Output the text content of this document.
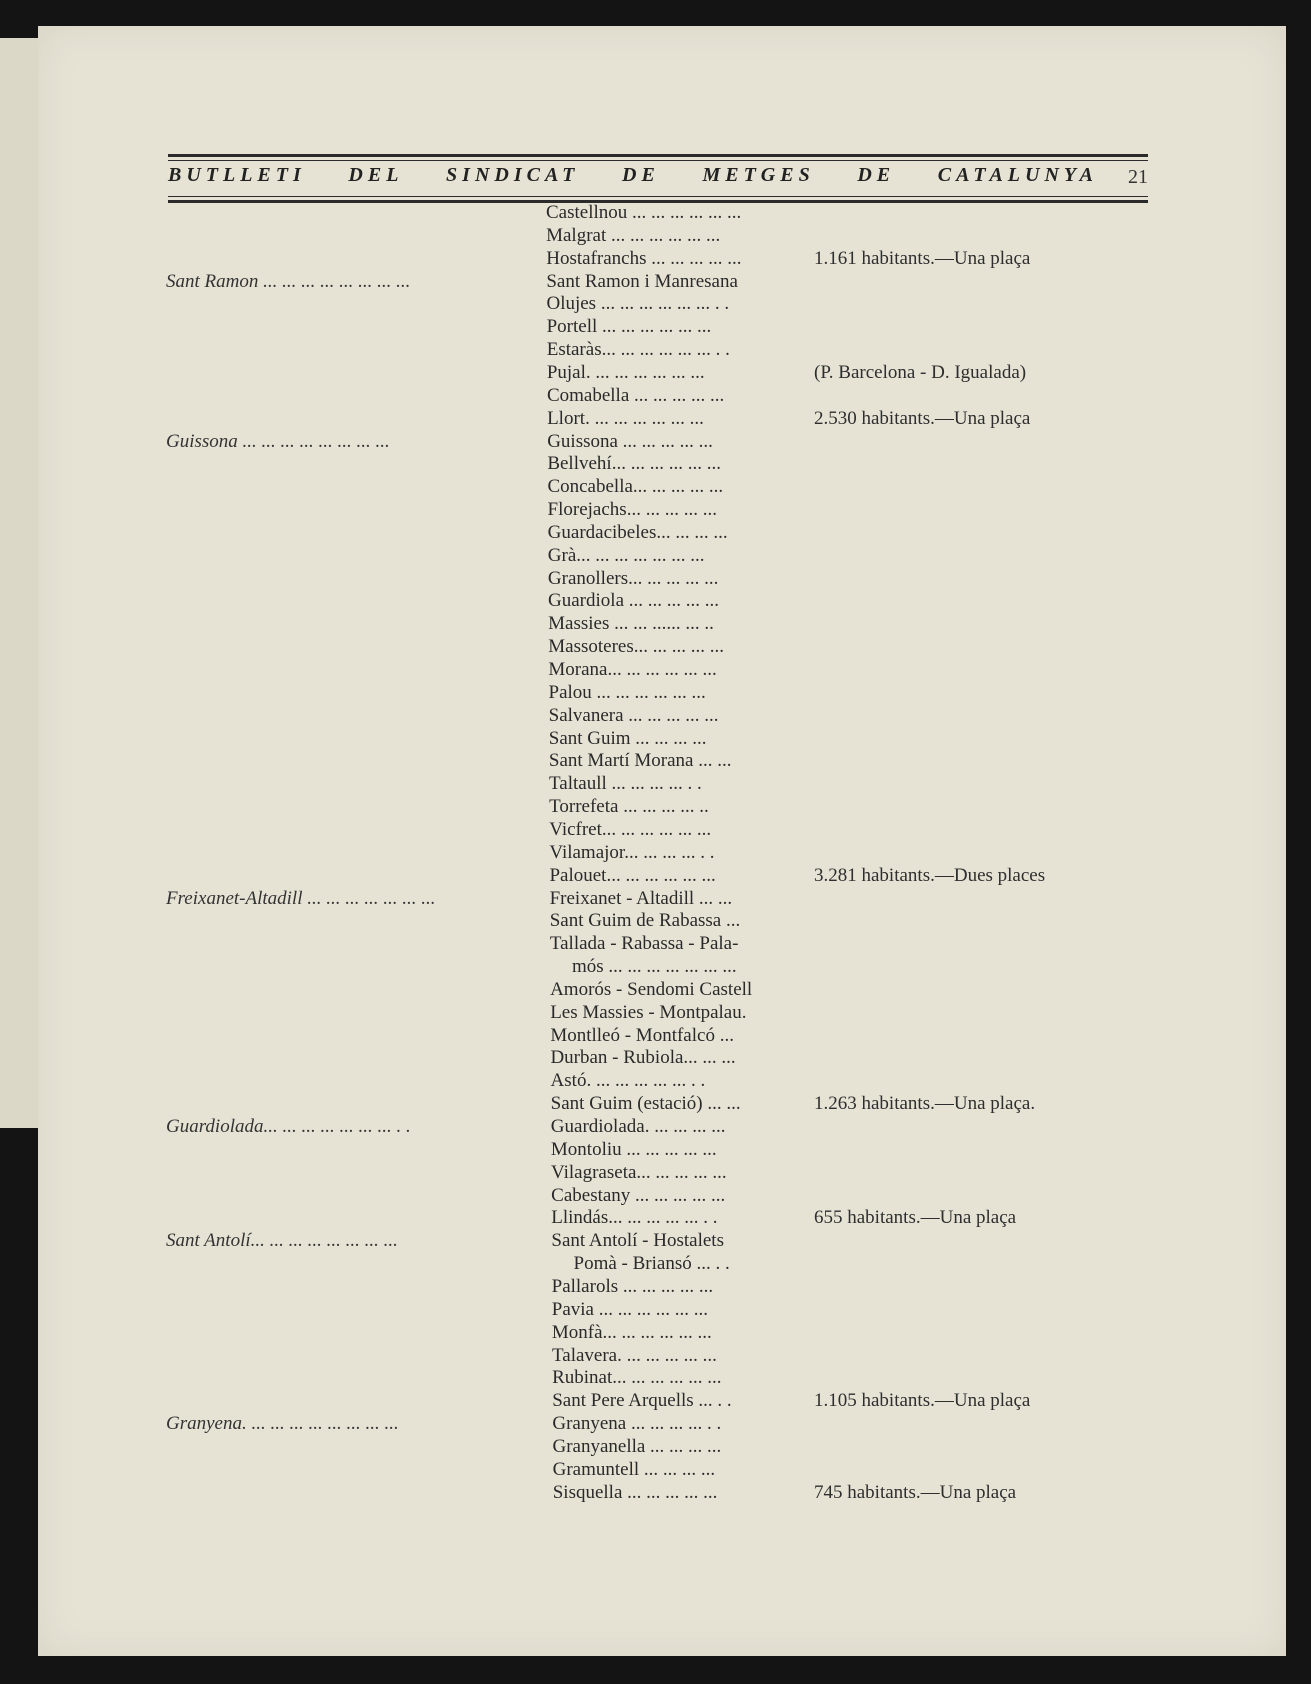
BUTLLETI DEL SINDICAT DE METGES DE CATALUNYA 21
Castellnou ... ... ... ... ... ...
Malgrat ... ... ... ... ... ...
Hostafranchs ... ... ... ... ...	1.161 habitants.—Una plaça
Sant Ramon ... ... ... ... ... ... ... ...	Sant Ramon i Manresana
Olujes ... ... ... ... ... ... . .
Portell ... ... ... ... ... ...
Estaràs... ... ... ... ... ... . .
Pujal. ... ... ... ... ... ...	(P. Barcelona - D. Igualada)
Comabella ... ... ... ... ...
Llort. ... ... ... ... ... ...	2.530 habitants.—Una plaça
Guissona ... ... ... ... ... ... ... ...	Guissona ... ... ... ... ...
Bellvehí... ... ... ... ... ...
Concabella... ... ... ... ...
Florejachs... ... ... ... ...
Guardacibeles... ... ... ...
Grà... ... ... ... ... ... ...
Granollers... ... ... ... ...
Guardiola ... ... ... ... ...
Massies ... ... ...... ... ..
Massoteres... ... ... ... ...
Morana... ... ... ... ... ...
Palou ... ... ... ... ... ...
Salvanera ... ... ... ... ...
Sant Guim ... ... ... ...
Sant Martí Morana ... ...
Taltaull ... ... ... ... . .
Torrefeta ... ... ... ... ..
Vicfret... ... ... ... ... ...
Vilamajor... ... ... ... . .
Palouet... ... ... ... ... ...	3.281 habitants.—Dues places
Freixanet-Altadill ... ... ... ... ... ... ...	Freixanet - Altadill ... ...
Sant Guim de Rabassa ...
Tallada - Rabassa - Pala-
mós ... ... ... ... ... ... ...
Amorós - Sendomi Castell
Les Massies - Montpalau.
Montlleó - Montfalcó ...
Durban - Rubiola... ... ...
Astó. ... ... ... ... ... . .
Sant Guim (estació) ... ...	1.263 habitants.—Una plaça.
Guardiolada... ... ... ... ... ... ... . .	Guardiolada. ... ... ... ...
Montoliu ... ... ... ... ...
Vilagraseta... ... ... ... ...
Cabestany ... ... ... ... ...
Llindás... ... ... ... ... . .	655 habitants.—Una plaça
Sant Antolí... ... ... ... ... ... ... ...	Sant Antolí - Hostalets
Pomà - Briansó ... . .
Pallarols ... ... ... ... ...
Pavia ... ... ... ... ... ...
Monfà... ... ... ... ... ...
Talavera. ... ... ... ... ...
Rubinat... ... ... ... ... ...
Sant Pere Arquells ... . .	1.105 habitants.—Una plaça
Granyena. ... ... ... ... ... ... ... ...	Granyena ... ... ... ... . .
Granyanella ... ... ... ...
Gramuntell ... ... ... ...
Sisquella ... ... ... ... ...	745 habitants.—Una plaça
